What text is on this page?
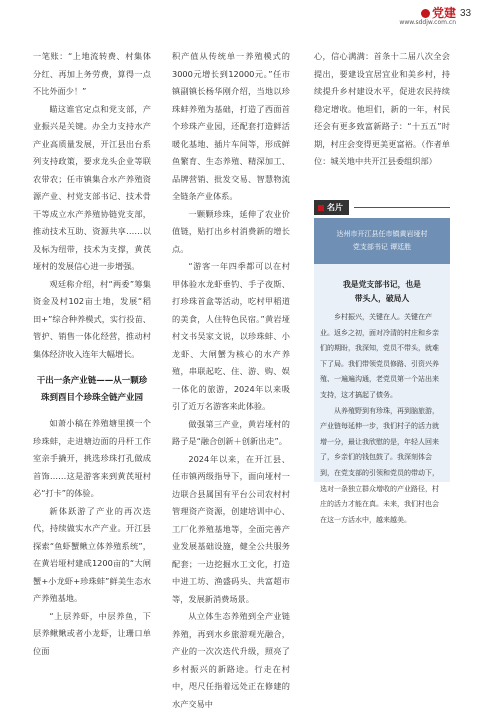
党建
www.sddjw.com.cn
33

一笔账：“上地流转费、村集体分红、再加上务劳费，算得一点不比外面少！”

瞄这谁官定点和党支部，产业振兴是关键。办全力支持水产产业高质量发展，开江县出台系列支持政策，要求龙头企业等联农带农；任市镇集合水产养殖资源产业、村党支部书记、技术骨干等成立水产养殖协链党支部，推动技术互助、资源共享……以及标为纽带，技术为支撑，黄芪垭村的发展信心进一步增强。

观廷称介绍，村“两委”筹集资金及村102亩土地，发展“稻田+”综合种养模式，实行投苗、管护、销售一体化经营，推动村集体经济收入连年大幅增长。

干出一条产业链——从一颗珍珠到酉目个珍珠全链产业园

如萧小稿在养殖塘里摸一个珍珠蚌，走进塘边面的丹杆工作室亲手撬开，挑选珍珠打孔做成首饰……这是游客来到黄芪垭村必“打卡”的体验。

新体跃游了产业的再次迭代，持续做实水产产业。开江县探索“鱼虾蟹鳅立体养殖系统”，在黄岩垭村建成1200亩的“大闸蟹+小龙虾+珍珠蚌”鲜美生态水产养殖基地。

“上层养虾，中层养鱼，下层养鳅鳅或者小龙虾，让珊口单位面

积产值从传统单一养殖模式的3000元增长到12000元。”任市镇副镇长杨华刚介绍，当地以珍珠蚌养殖为基础，打造了西面首个珍珠产业园，还配套打造鲜活暖化基地、插片车间等，形成鲜鱼繁育、生态养殖、精深加工、品牌营销、批发交易、智慧物流全链条产业体系。

一颗颗珍珠，延伸了农业价值链，贴打出乡村消费新的增长点。

“游客一年四季都可以在村甲体验水龙虾垂钓、手子夜斯、打珍珠首盒等活动，吃村甲稻道的美食，人住特色民宿。”黄岩垭村文书吴家文说，以珍珠蚌、小龙虾、大闸蟹为核心的水产养殖，串联起吃、住、游、购、娱一体化的旅游，2024年以来吸引了近万名游客来此体验。

做强第三产业，黄岩垭村的路子是“融合创新＋创新出走”。

2024年以来，在开江县、任市镇两级指导下，面向垭村一边联合县属国有平台公司农村村管理资产资源，创建培训中心、工厂化养殖基地等，全面完善产业发展基础设施，健全公共服务配套；一边挖掘水工文化，打造中进工坊、渔盛码头、共富超市等，发展新消费场景。

从立体生态养殖到全产业链养殖，再到水乡旅游观光融合，产业的一次次迭代升级，照亮了乡村振兴的新路途。行走在村中，咫尺任指着远处正在修建的水产交易中

心，信心满满：首条十二届八次全会提出，要建设宜居宜业和美乡村，持续提升乡村建设水平，促进农民持续稳定增收。他坦们，新的一年，村民还会有更多致富新路子：“十五五”时期，村庄会变得更美更富裕。（作者单位：城关地中共开江县委组织部）

名片
达州市开江县任市镇黄岩垭村
党支部书记 谭廷胜
我是党支部书记，也是
带头人，破局人

乡村振兴，关键在人。关键在产业。返乡之初，面对冷清的村庄和乡亲们的期盼，我深知，党员不带头，就难下了局。我们带领党员修路、引资兴养殖、一遍遍沟通，老党员第一个站出来支持，这才搞起了债务。

从养殖野到有珍珠，再到脑旅游，产业链每延伸一步，我们村子的活力就增一分，最让我欣慰的是，年轻人回来了，乡亲们的钱包鼓了。我深刻体会到，在党支部的引领和党员的带动下，选对一条独立群众增收的产业路径，村庄的活力才能在真。未来，我们村也会在这一方活水中，越来越美。
